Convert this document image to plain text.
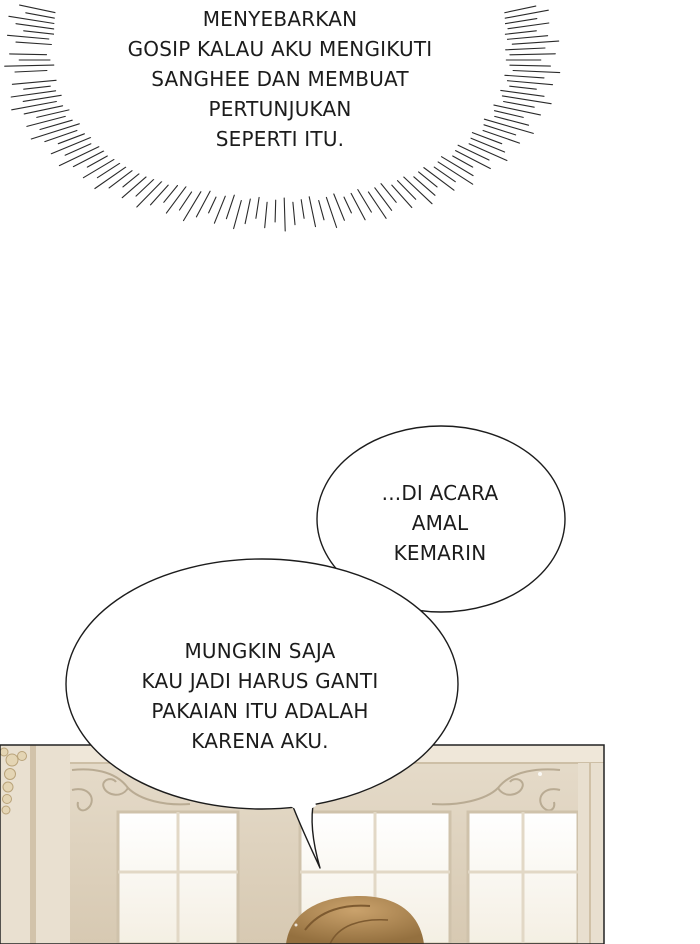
MENYEBARKAN
GOSIP KALAU AKU MENGIKUTI
SANGHEE DAN MEMBUAT
PERTUNJUKAN
SEPERTI ITU.
...DI ACARA
AMAL
KEMARIN
MUNGKIN SAJA
KAU JADI HARUS GANTI
PAKAIAN ITU ADALAH
KARENA AKU.
